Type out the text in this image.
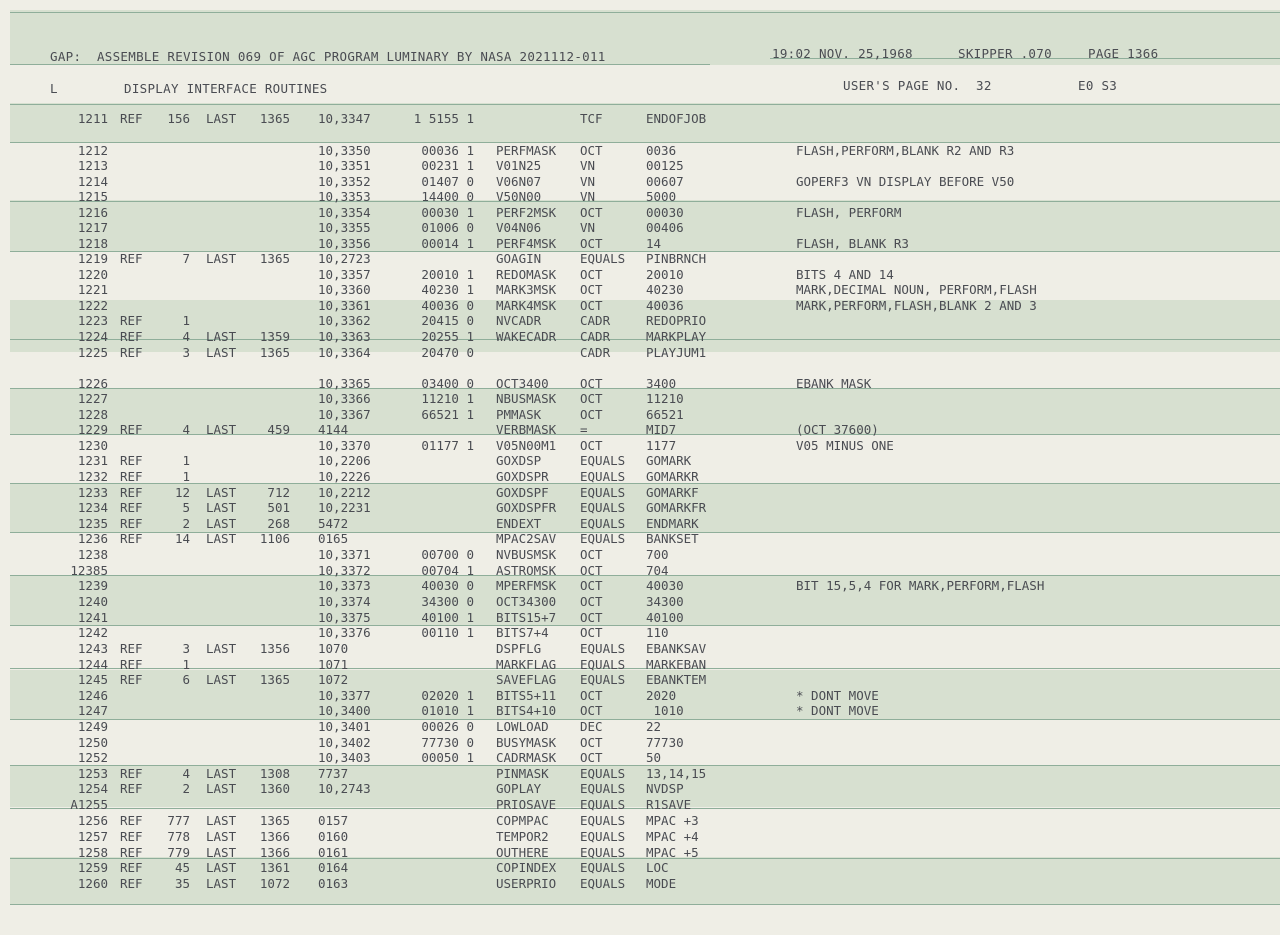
GAP:  ASSEMBLE REVISION 069 OF AGC PROGRAM LUMINARY BY NASA 2021112-011	19:02 NOV. 25,1968	SKIPPER .070	PAGE 1366
L	DISPLAY INTERFACE ROUTINES	USER'S PAGE NO.  32	E0 S3
1211 REF	156 LAST	1365 10,3347	1 5155 1	TCF	ENDOFJOB
1212	10,3350	00036 1 PERFMASK OCT	0036	FLASH,PERFORM,BLANK R2 AND R3
1213	10,3351	00231 1 V01N25	VN	00125
1214	10,3352	01407 0 V06N07	VN	00607	GOPERF3 VN DISPLAY BEFORE V50
1215	10,3353	14400 0 V50N00	VN	5000
1216	10,3354	00030 1 PERF2MSK OCT	00030	FLASH, PERFORM
1217	10,3355	01006 0 V04N06	VN	00406
1218	10,3356	00014 1 PERF4MSK OCT	14	FLASH, BLANK R3
1219 REF	7 LAST	1365 10,2723	GOAGIN	EQUALS PINBRNCH
1220	10,3357	20010 1 REDOMASK OCT	20010	BITS 4 AND 14
1221	10,3360	40230 1 MARK3MSK OCT	40230	MARK,DECIMAL NOUN, PERFORM,FLASH
1222	10,3361	40036 0 MARK4MSK OCT	40036	MARK,PERFORM,FLASH,BLANK 2 AND 3
1223 REF	1	10,3362	20415 0 NVCADR	CADR	REDOPRIO
1224 REF	4 LAST	1359 10,3363	20255 1 WAKECADR CADR	MARKPLAY
1225 REF	3 LAST	1365 10,3364	20470 0	CADR	PLAYJUM1
1226	10,3365	03400 0 OCT3400	OCT	3400	EBANK MASK
1227	10,3366	11210 1 NBUSMASK OCT	11210
1228	10,3367	66521 1 PMMASK	OCT	66521
1229 REF	4 LAST	459 4144	VERBMASK =	MID7	(OCT 37600)
1230	10,3370	01177 1 V05N00M1 OCT	1177	V05 MINUS ONE
1231 REF	1	10,2206	GOXDSP	EQUALS GOMARK
1232 REF	1	10,2226	GOXDSPR	EQUALS GOMARKR
1233 REF	12 LAST	712 10,2212	GOXDSPF	EQUALS GOMARKF
1234 REF	5 LAST	501 10,2231	GOXDSPFR EQUALS GOMARKFR
1235 REF	2 LAST	268 5472	ENDEXT	EQUALS ENDMARK
1236 REF	14 LAST	1106 0165	MPAC2SAV EQUALS BANKSET
1238	10,3371	00700 0 NVBUSMSK OCT	700
12385	10,3372	00704 1 ASTROMSK OCT	704
1239	10,3373	40030 0 MPERFMSK OCT	40030	BIT 15,5,4 FOR MARK,PERFORM,FLASH
1240	10,3374	34300 0 OCT34300 OCT	34300
1241	10,3375	40100 1 BITS15+7 OCT	40100
1242	10,3376	00110 1 BITS7+4	OCT	110
1243 REF	3 LAST	1356 1070	DSPFLG	EQUALS EBANKSAV
1244 REF	1	1071	MARKFLAG EQUALS MARKEBAN
1245 REF	6 LAST	1365 1072	SAVEFLAG EQUALS EBANKTEM
1246	10,3377	02020 1 BITS5+11 OCT	2020	* DONT MOVE
1247	10,3400	01010 1 BITS4+10 OCT	1010	* DONT MOVE
1249	10,3401	00026 0 LOWLOAD	DEC	22
1250	10,3402	77730 0 BUSYMASK OCT	77730
1252	10,3403	00050 1 CADRMASK OCT	50
1253 REF	4 LAST	1308 7737	PINMASK	EQUALS 13,14,15
1254 REF	2 LAST	1360 10,2743	GOPLAY	EQUALS NVDSP
A1255	PRIOSAVE EQUALS R1SAVE
1256 REF	777 LAST	1365 0157	COPMPAC	EQUALS MPAC +3
1257 REF	778 LAST	1366 0160	TEMPOR2	EQUALS MPAC +4
1258 REF	779 LAST	1366 0161	OUTHERE	EQUALS MPAC +5
1259 REF	45 LAST	1361 0164	COPINDEX EQUALS LOC
1260 REF	35 LAST	1072 0163	USERPRIO EQUALS MODE
